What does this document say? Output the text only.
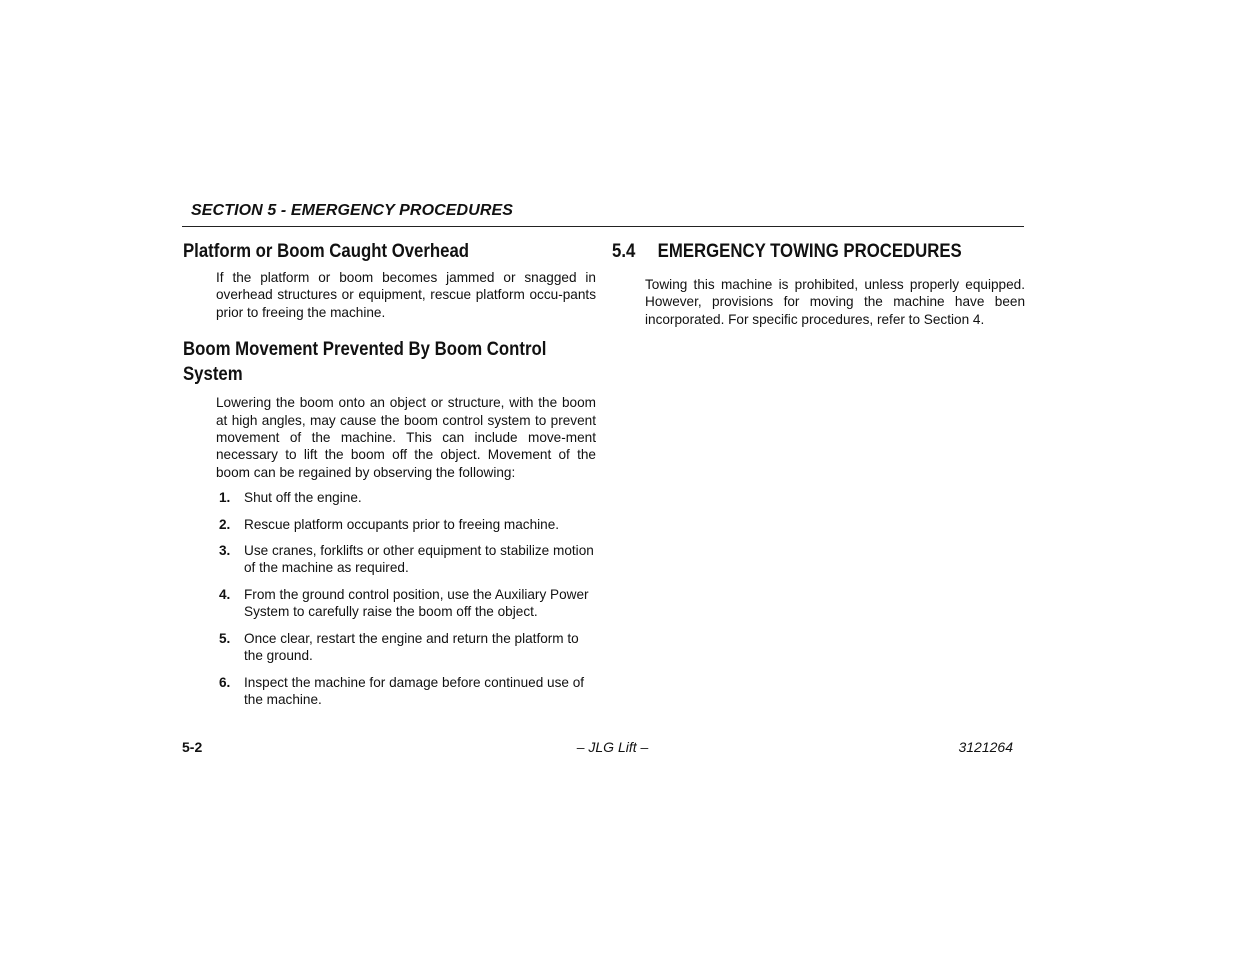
SECTION 5 - EMERGENCY PROCEDURES
Platform or Boom Caught Overhead

If the platform or boom becomes jammed or snagged in overhead structures or equipment, rescue platform occu-pants prior to freeing the machine.

Boom Movement Prevented By Boom Control System

Lowering the boom onto an object or structure, with the boom at high angles, may cause the boom control system to prevent movement of the machine. This can include move-ment necessary to lift the boom off the object. Movement of the boom can be regained by observing the following:

1. Shut off the engine.
2. Rescue platform occupants prior to freeing machine.
3. Use cranes, forklifts or other equipment to stabilize motion of the machine as required.
4. From the ground control position, use the Auxiliary Power System to carefully raise the boom off the object.
5. Once clear, restart the engine and return the platform to the ground.
6. Inspect the machine for damage before continued use of the machine.
5.4 EMERGENCY TOWING PROCEDURES

Towing this machine is prohibited, unless properly equipped. However, provisions for moving the machine have been incorporated. For specific procedures, refer to Section 4.

5-2	– JLG Lift –	3121264
